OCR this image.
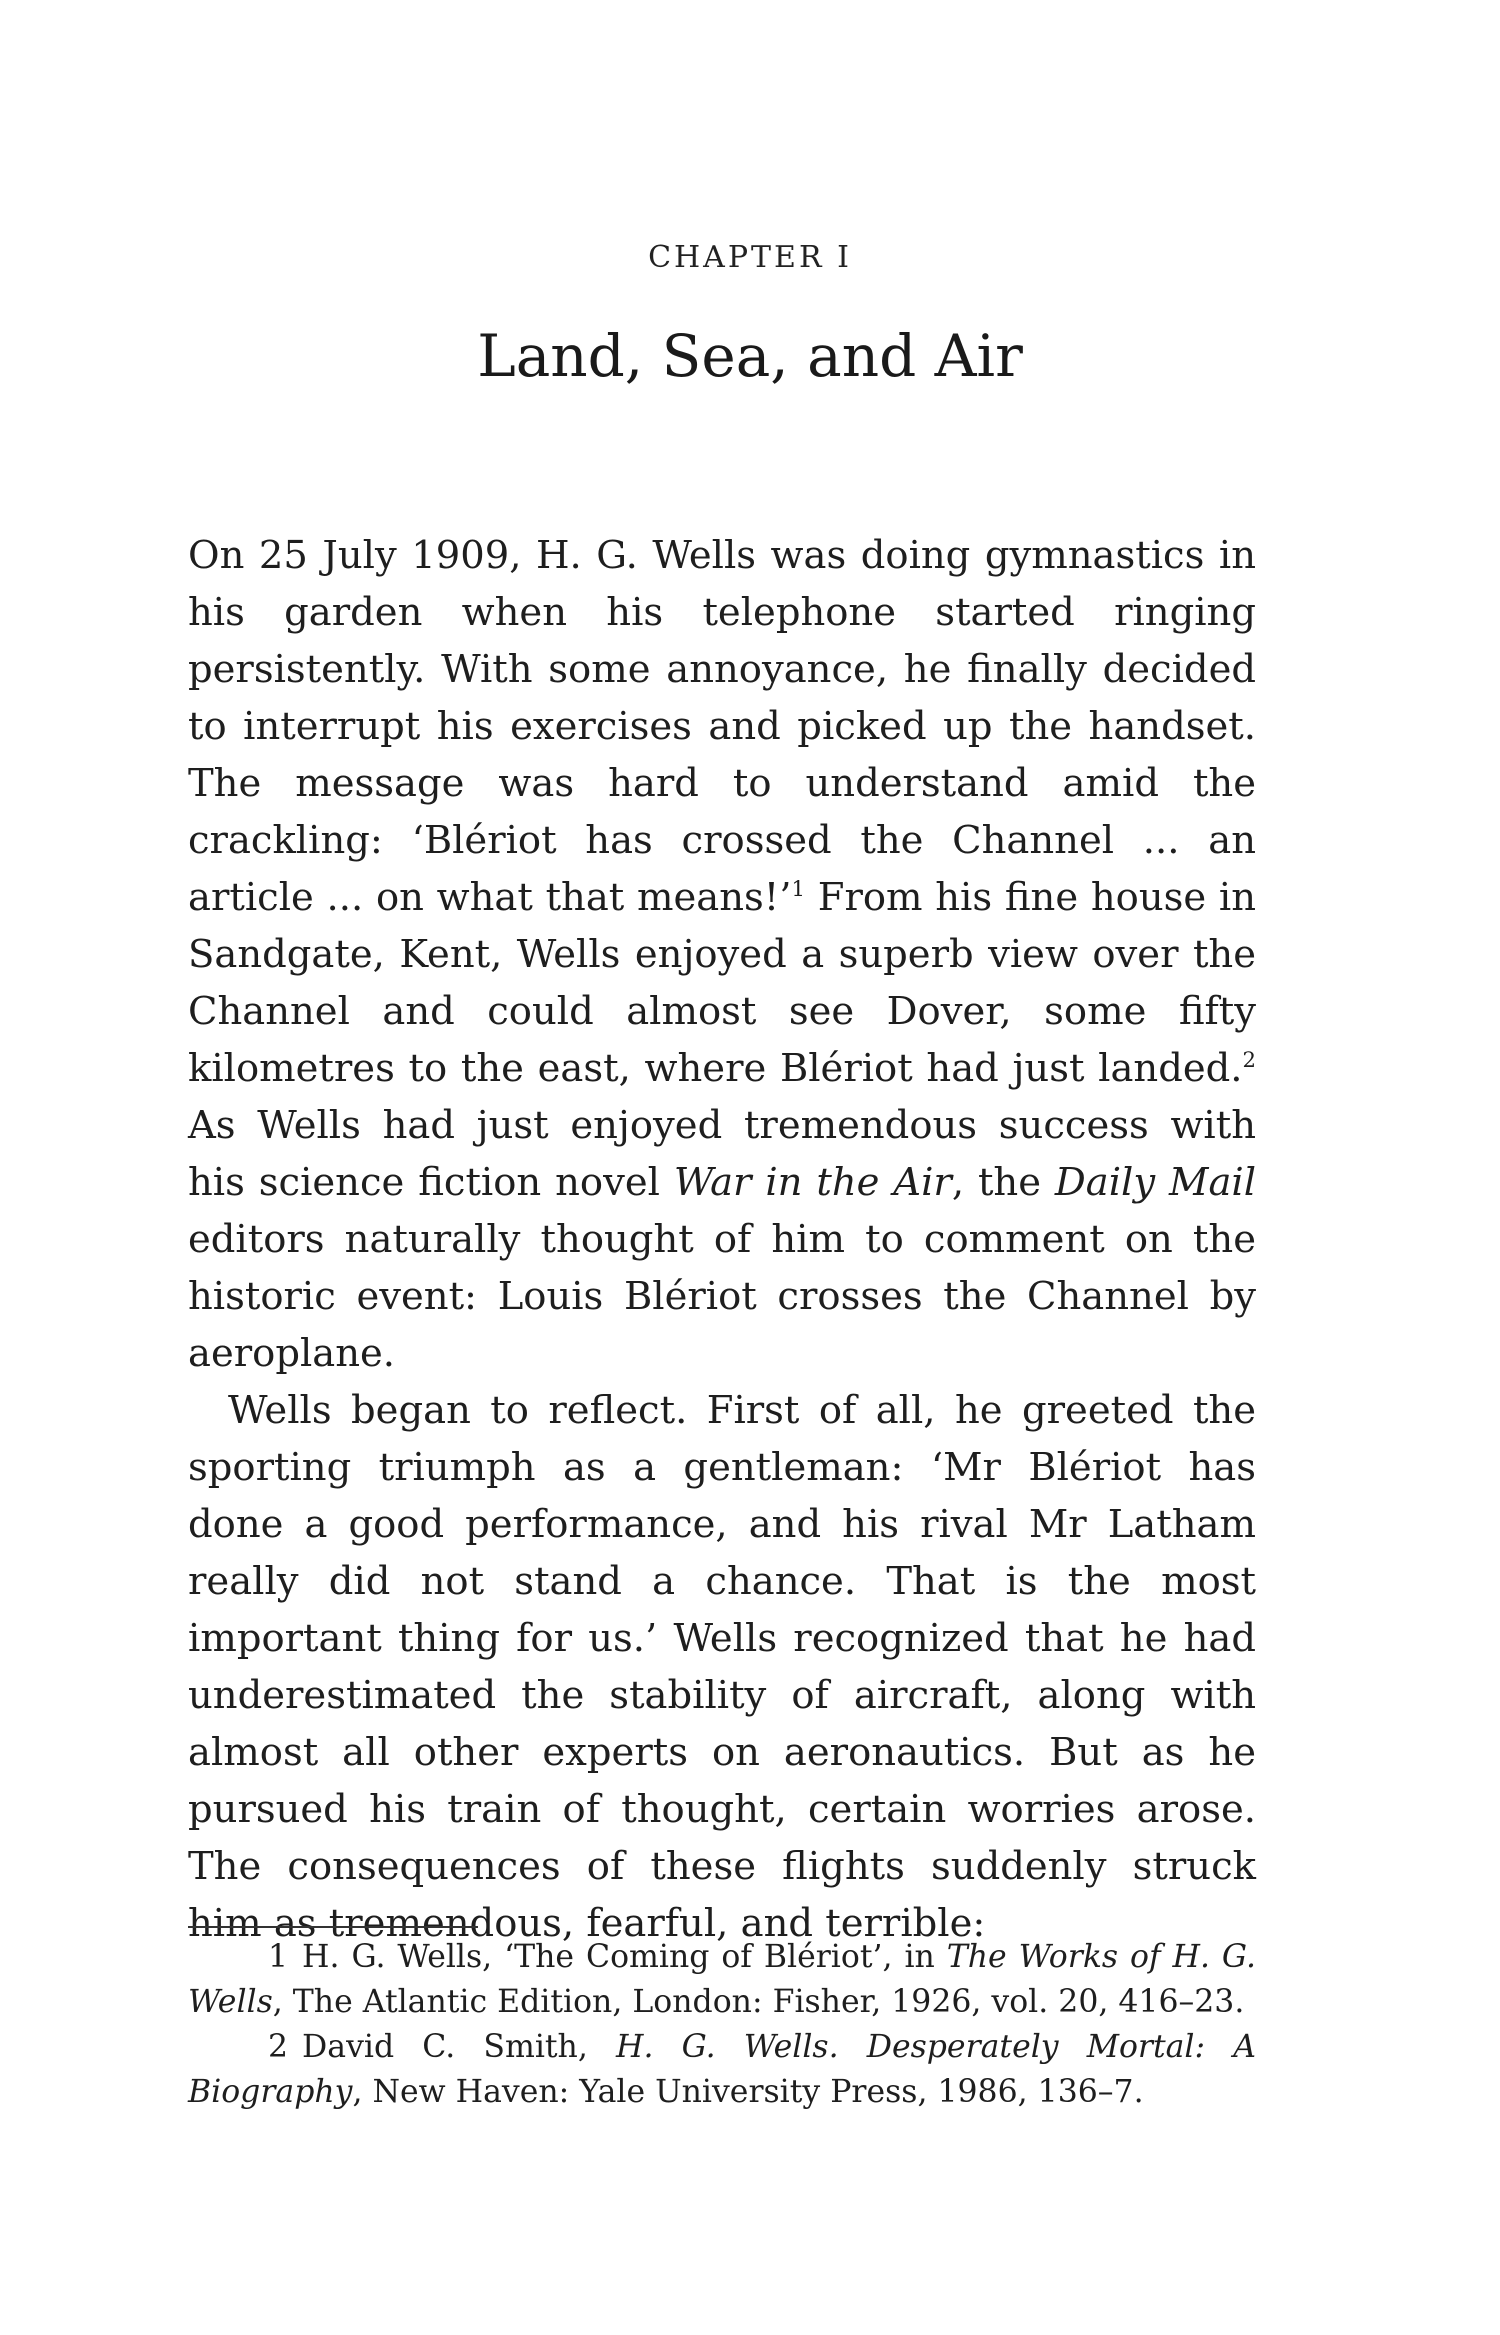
CHAPTER I
Land, Sea, and Air

On 25 July 1909, H. G. Wells was doing gymnastics in his garden when his telephone started ringing persistently. With some annoyance, he finally decided to interrupt his exercises and picked up the handset. The message was hard to understand amid the crackling: ‘Blériot has crossed the Channel ... an article ... on what that means!’$^1$ From his fine house in Sandgate, Kent, Wells enjoyed a superb view over the Channel and could almost see Dover, some fifty kilometres to the east, where Blériot had just landed.$^2$ As Wells had just enjoyed tremendous success with his science fiction novel War in the Air, the Daily Mail editors naturally thought of him to comment on the historic event: Louis Blériot crosses the Channel by aeroplane.

Wells began to reflect. First of all, he greeted the sporting triumph as a gentleman: ‘Mr Blériot has done a good performance, and his rival Mr Latham really did not stand a chance. That is the most important thing for us.’ Wells recognized that he had underestimated the stability of aircraft, along with almost all other experts on aeronautics. But as he pursued his train of thought, certain worries arose. The consequences of these flights suddenly struck him as tremendous, fearful, and terrible:

1 H. G. Wells, ‘The Coming of Blériot’, in The Works of H. G. Wells, The Atlantic Edition, London: Fisher, 1926, vol. 20, 416–23.

2 David C. Smith, H. G. Wells. Desperately Mortal: A Biography, New Haven: Yale University Press, 1986, 136–7.
